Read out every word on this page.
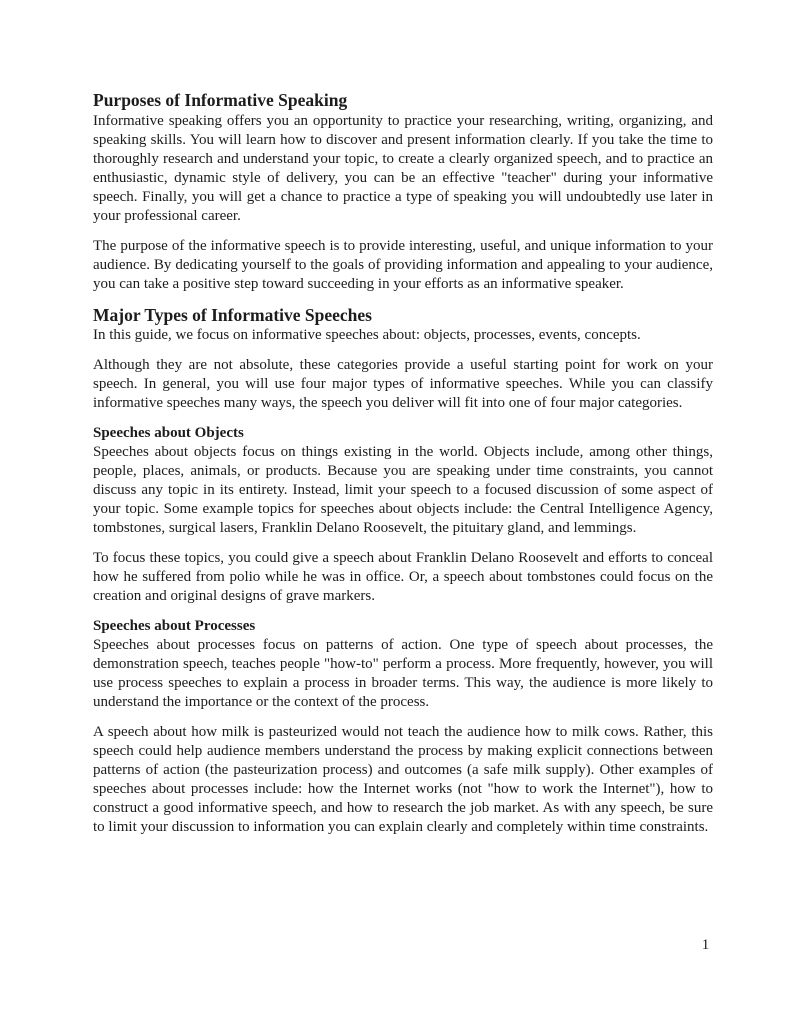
Purposes of Informative Speaking

Informative speaking offers you an opportunity to practice your researching, writing, organizing, and speaking skills. You will learn how to discover and present information clearly. If you take the time to thoroughly research and understand your topic, to create a clearly organized speech, and to practice an enthusiastic, dynamic style of delivery, you can be an effective "teacher" during your informative speech. Finally, you will get a chance to practice a type of speaking you will undoubtedly use later in your professional career.

The purpose of the informative speech is to provide interesting, useful, and unique information to your audience. By dedicating yourself to the goals of providing information and appealing to your audience, you can take a positive step toward succeeding in your efforts as an informative speaker.

Major Types of Informative Speeches

In this guide, we focus on informative speeches about: objects, processes, events, concepts.

Although they are not absolute, these categories provide a useful starting point for work on your speech. In general, you will use four major types of informative speeches. While you can classify informative speeches many ways, the speech you deliver will fit into one of four major categories.

Speeches about Objects

Speeches about objects focus on things existing in the world. Objects include, among other things, people, places, animals, or products. Because you are speaking under time constraints, you cannot discuss any topic in its entirety. Instead, limit your speech to a focused discussion of some aspect of your topic. Some example topics for speeches about objects include: the Central Intelligence Agency, tombstones, surgical lasers, Franklin Delano Roosevelt, the pituitary gland, and lemmings.

To focus these topics, you could give a speech about Franklin Delano Roosevelt and efforts to conceal how he suffered from polio while he was in office. Or, a speech about tombstones could focus on the creation and original designs of grave markers.

Speeches about Processes

Speeches about processes focus on patterns of action. One type of speech about processes, the demonstration speech, teaches people "how-to" perform a process. More frequently, however, you will use process speeches to explain a process in broader terms. This way, the audience is more likely to understand the importance or the context of the process.

A speech about how milk is pasteurized would not teach the audience how to milk cows. Rather, this speech could help audience members understand the process by making explicit connections between patterns of action (the pasteurization process) and outcomes (a safe milk supply). Other examples of speeches about processes include: how the Internet works (not "how to work the Internet"), how to construct a good informative speech, and how to research the job market. As with any speech, be sure to limit your discussion to information you can explain clearly and completely within time constraints.

1
